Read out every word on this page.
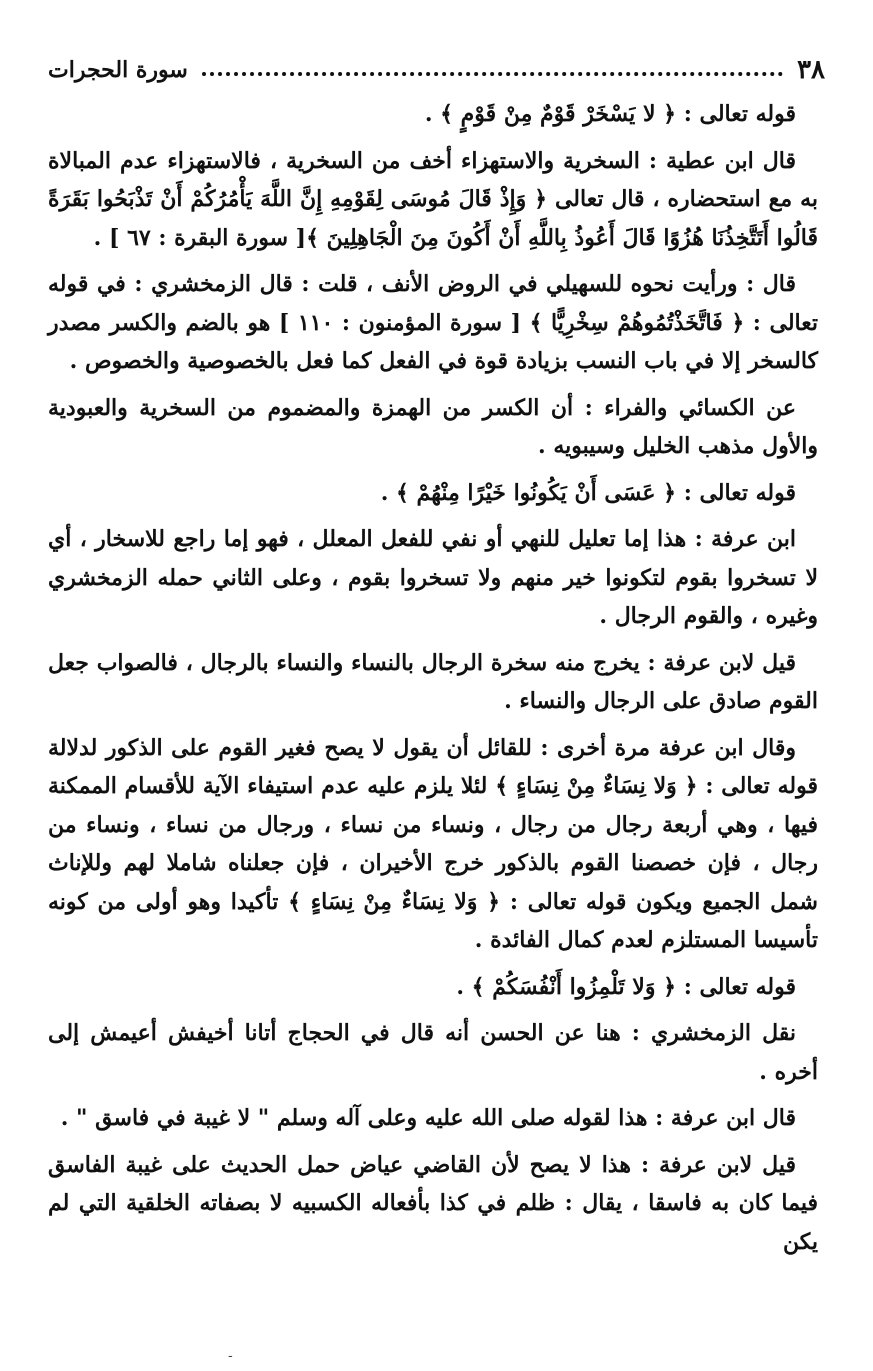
٣٨
سورة الحجرات

قوله تعالى : ﴿ لا يَسْخَرْ قَوْمٌ مِنْ قَوْمٍ ﴾ .

قال ابن عطية : السخرية والاستهزاء أخف من السخرية ، فالاستهزاء عدم المبالاة به مع استحضاره ، قال تعالى ﴿ وَإِذْ قَالَ مُوسَى لِقَوْمِهِ إِنَّ اللَّهَ يَأْمُرُكُمْ أَنْ تَذْبَحُوا بَقَرَةً قَالُوا أَتَتَّخِذُنَا هُزُوًا قَالَ أَعُوذُ بِاللَّهِ أَنْ أَكُونَ مِنَ الْجَاهِلِينَ ﴾[ سورة البقرة : ٦٧ ] .

قال : ورأيت نحوه للسهيلي في الروض الأنف ، قلت : قال الزمخشري : في قوله تعالى : ﴿ فَاتَّخَذْتُمُوهُمْ سِخْرِيًّا ﴾ [ سورة المؤمنون : ١١٠ ] هو بالضم والكسر مصدر كالسخر إلا في باب النسب بزيادة قوة في الفعل كما فعل بالخصوصية والخصوص .

عن الكسائي والفراء : أن الكسر من الهمزة والمضموم من السخرية والعبودية والأول مذهب الخليل وسيبويه .

قوله تعالى : ﴿ عَسَى أَنْ يَكُونُوا خَيْرًا مِنْهُمْ ﴾ .

ابن عرفة : هذا إما تعليل للنهي أو نفي للفعل المعلل ، فهو إما راجع للاسخار ، أي لا تسخروا بقوم لتكونوا خير منهم ولا تسخروا بقوم ، وعلى الثاني حمله الزمخشري وغيره ، والقوم الرجال .

قيل لابن عرفة : يخرج منه سخرة الرجال بالنساء والنساء بالرجال ، فالصواب جعل القوم صادق على الرجال والنساء .

وقال ابن عرفة مرة أخرى : للقائل أن يقول لا يصح فغير القوم على الذكور لدلالة قوله تعالى : ﴿ وَلا نِسَاءٌ مِنْ نِسَاءٍ ﴾ لئلا يلزم عليه عدم استيفاء الآية للأقسام الممكنة فيها ، وهي أربعة رجال من رجال ، ونساء من نساء ، ورجال من نساء ، ونساء من رجال ، فإن خصصنا القوم بالذكور خرج الأخيران ، فإن جعلناه شاملا لهم وللإناث شمل الجميع ويكون قوله تعالى : ﴿ وَلا نِسَاءٌ مِنْ نِسَاءٍ ﴾ تأكيدا وهو أولى من كونه تأسيسا المستلزم لعدم كمال الفائدة .

قوله تعالى : ﴿ وَلا تَلْمِزُوا أَنْفُسَكُمْ ﴾ .

نقل الزمخشري : هنا عن الحسن أنه قال في الحجاج أتانا أخيفش أعيمش إلى أخره .

قال ابن عرفة : هذا لقوله صلى الله عليه وعلى آله وسلم " لا غيبة في فاسق " .

قيل لابن عرفة : هذا لا يصح لأن القاضي عياض حمل الحديث على غيبة الفاسق فيما كان به فاسقا ، يقال : ظلم في كذا بأفعاله الكسبيه لا بصفاته الخلقية التي لم يكن

-
